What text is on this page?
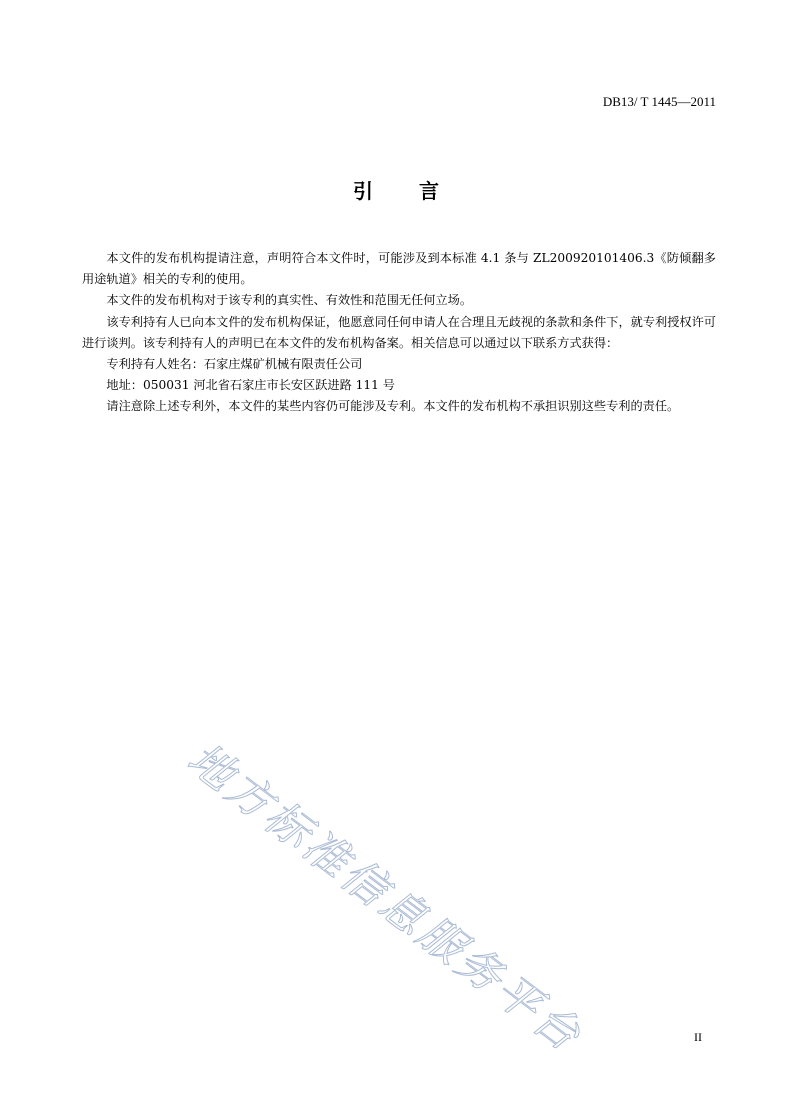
DB13/ T 1445—2011
引 言

本文件的发布机构提请注意，声明符合本文件时，可能涉及到本标准 4.1 条与 ZL200920101406.3《防倾翻多用途轨道》相关的专利的使用。

本文件的发布机构对于该专利的真实性、有效性和范围无任何立场。

该专利持有人已向本文件的发布机构保证，他愿意同任何申请人在合理且无歧视的条款和条件下，就专利授权许可进行谈判。该专利持有人的声明已在本文件的发布机构备案。相关信息可以通过以下联系方式获得：

专利持有人姓名：石家庄煤矿机械有限责任公司

地址：050031 河北省石家庄市长安区跃进路 111 号

请注意除上述专利外，本文件的某些内容仍可能涉及专利。本文件的发布机构不承担识别这些专利的责任。

地方标准信息服务平台	II
